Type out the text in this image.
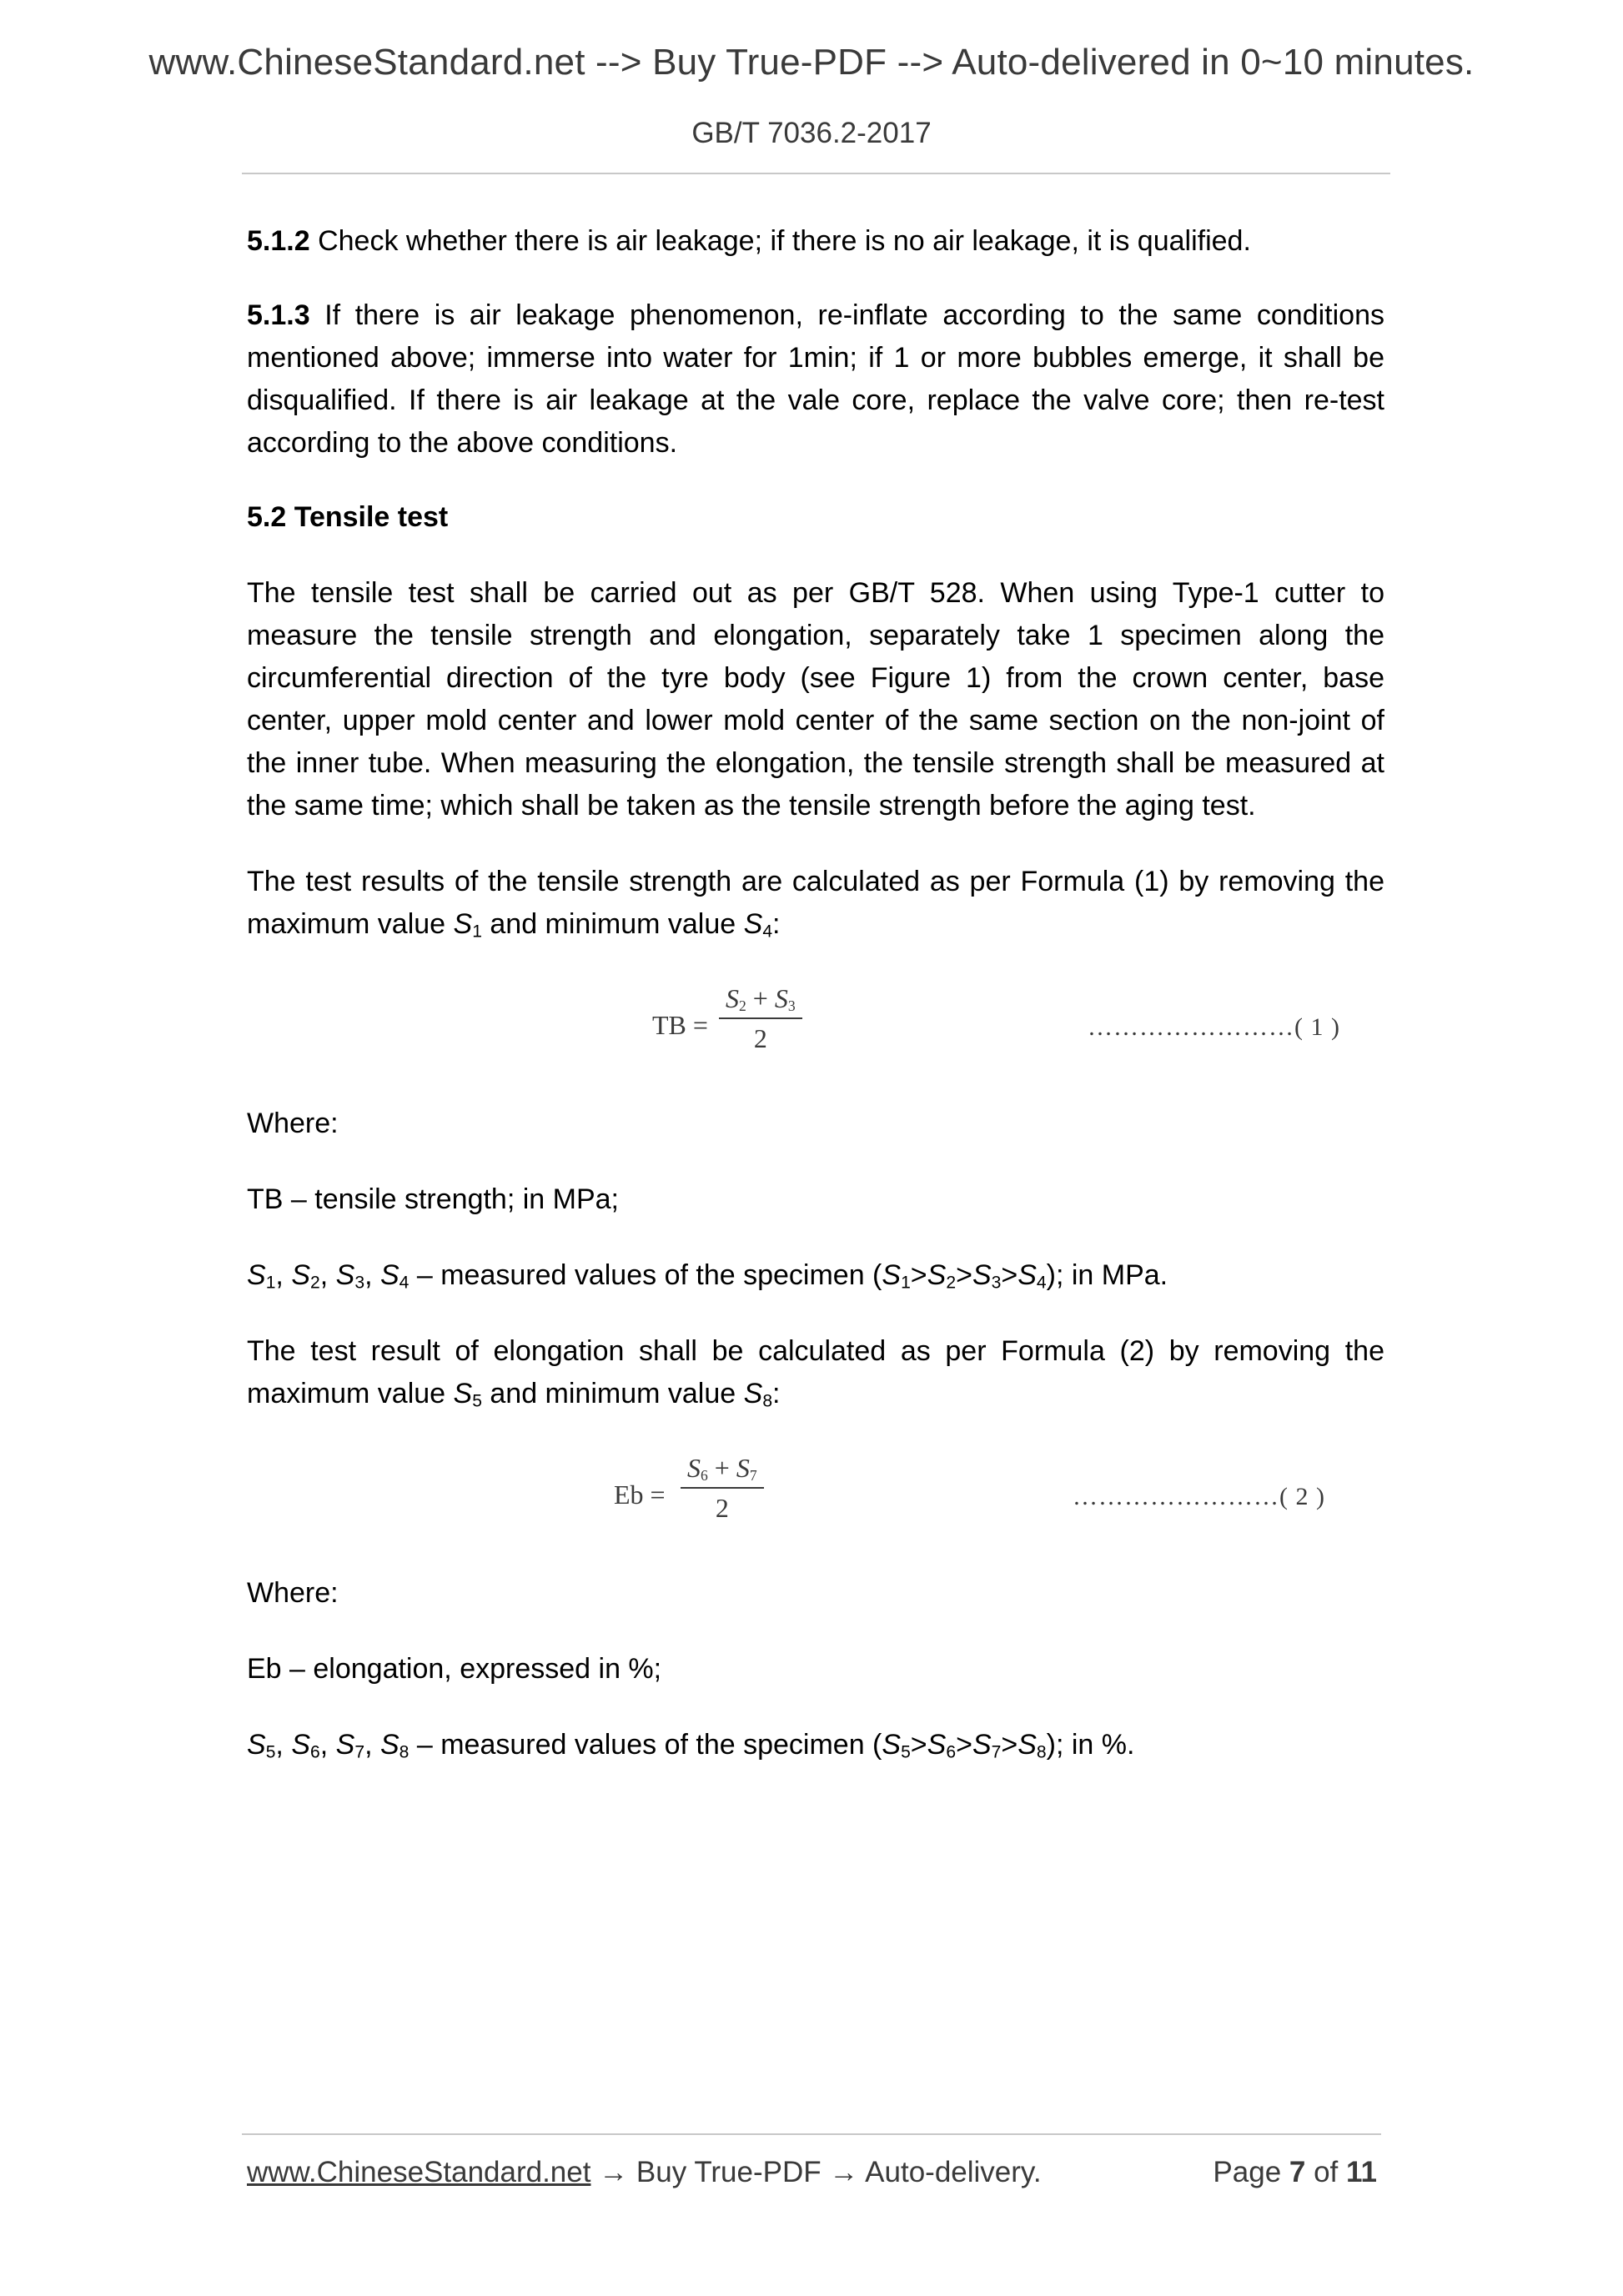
www.ChineseStandard.net --> Buy True-PDF --> Auto-delivered in 0~10 minutes.
GB/T 7036.2-2017

5.1.2 Check whether there is air leakage; if there is no air leakage, it is qualified.

5.1.3 If there is air leakage phenomenon, re-inflate according to the same conditions mentioned above; immerse into water for 1min; if 1 or more bubbles emerge, it shall be disqualified. If there is air leakage at the vale core, replace the valve core; then re-test according to the above conditions.

5.2 Tensile test

The tensile test shall be carried out as per GB/T 528. When using Type-1 cutter to measure the tensile strength and elongation, separately take 1 specimen along the circumferential direction of the tyre body (see Figure 1) from the crown center, base center, upper mold center and lower mold center of the same section on the non-joint of the inner tube. When measuring the elongation, the tensile strength shall be measured at the same time; which shall be taken as the tensile strength before the aging test.

The test results of the tensile strength are calculated as per Formula (1) by removing the maximum value $S_1$ and minimum value $S_4$:

TB =
$S_2 + S_3$
2	……………………( 1 )

Where:

TB – tensile strength; in MPa;

$S_1$, $S_2$, $S_3$, $S_4$ – measured values of the specimen $(S_1>S_2>S_3>S_4)$; in MPa.

The test result of elongation shall be calculated as per Formula (2) by removing the maximum value $S_5$ and minimum value $S_8$:

Eb =
$S_6 + S_7$
2	……………………( 2 )

Where:

Eb – elongation, expressed in %;

$S_5$, $S_6$, $S_7$, $S_8$ – measured values of the specimen $(S_5>S_6>S_7>S_8)$; in %.

www.ChineseStandard.net → Buy True-PDF → Auto-delivery.	Page 7 of 11
